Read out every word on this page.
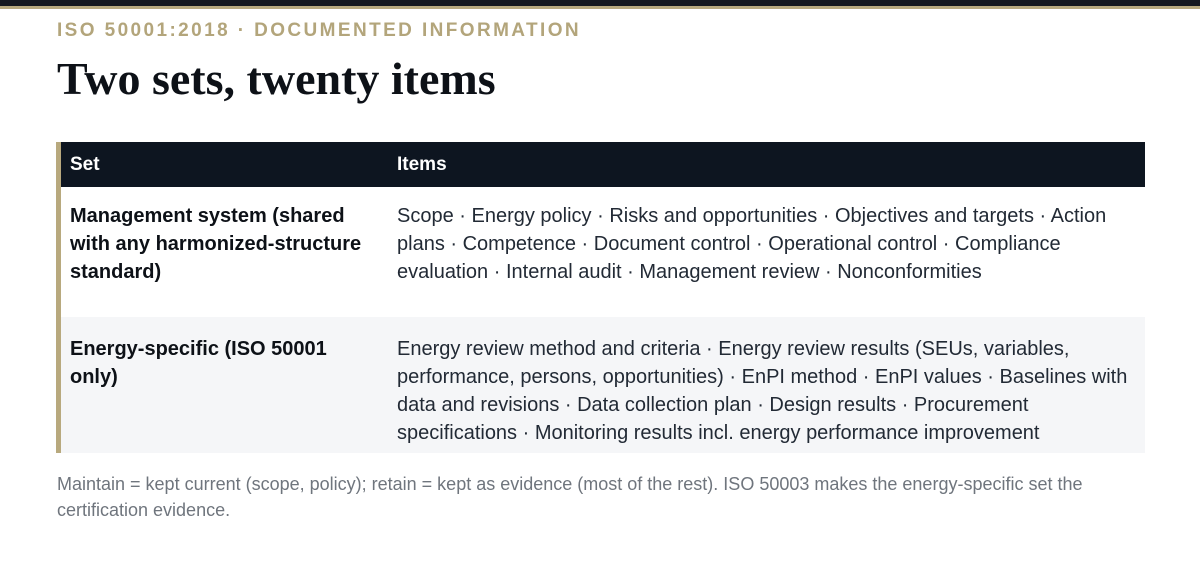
ISO 50001:2018 · DOCUMENTED INFORMATION
Two sets, twenty items
Set	Items
Management system (shared with any harmonized-structure standard)	Scope · Energy policy · Risks and opportunities · Objectives and targets · Action plans · Competence · Document control · Operational control · Compliance evaluation · Internal audit · Management review · Nonconformities
Energy-specific (ISO 50001 only)	Energy review method and criteria · Energy review results (SEUs, variables, performance, persons, opportunities) · EnPI method · EnPI values · Baselines with data and revisions · Data collection plan · Design results · Procurement specifications · Monitoring results incl. energy performance improvement

Maintain = kept current (scope, policy); retain = kept as evidence (most of the rest). ISO 50003 makes the energy-specific set the certification evidence.
